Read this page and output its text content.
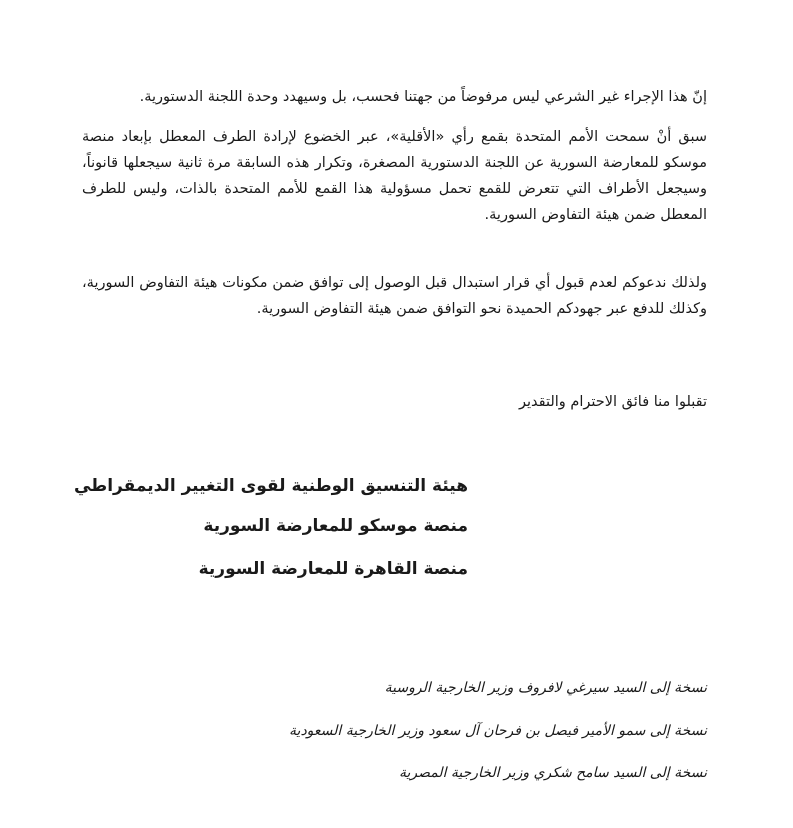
إنّ هذا الإجراء غير الشرعي ليس مرفوضاً من جهتنا فحسب، بل وسيهدد وحدة اللجنة الدستورية.

سبق أنْ سمحت الأمم المتحدة بقمع رأي «الأقلية»، عبر الخضوع لإرادة الطرف المعطل بإبعاد منصة موسكو للمعارضة السورية عن اللجنة الدستورية المصغرة، وتكرار هذه السابقة مرة ثانية سيجعلها قانوناً، وسيجعل الأطراف التي تتعرض للقمع تحمل مسؤولية هذا القمع للأمم المتحدة بالذات، وليس للطرف المعطل ضمن هيئة التفاوض السورية.

ولذلك ندعوكم لعدم قبول أي قرار استبدال قبل الوصول إلى توافق ضمن مكونات هيئة التفاوض السورية، وكذلك للدفع عبر جهودكم الحميدة نحو التوافق ضمن هيئة التفاوض السورية.

تقبلوا منا فائق الاحترام والتقدير

هيئة التنسيق الوطنية لقوى التغيير الديمقراطي

منصة موسكو للمعارضة السورية

منصة القاهرة للمعارضة السورية

نسخة إلى السيد سيرغي لافروف وزير الخارجية الروسية

نسخة إلى سمو الأمير فيصل بن فرحان آل سعود وزير الخارجية السعودية

نسخة إلى السيد سامح شكري وزير الخارجية المصرية
